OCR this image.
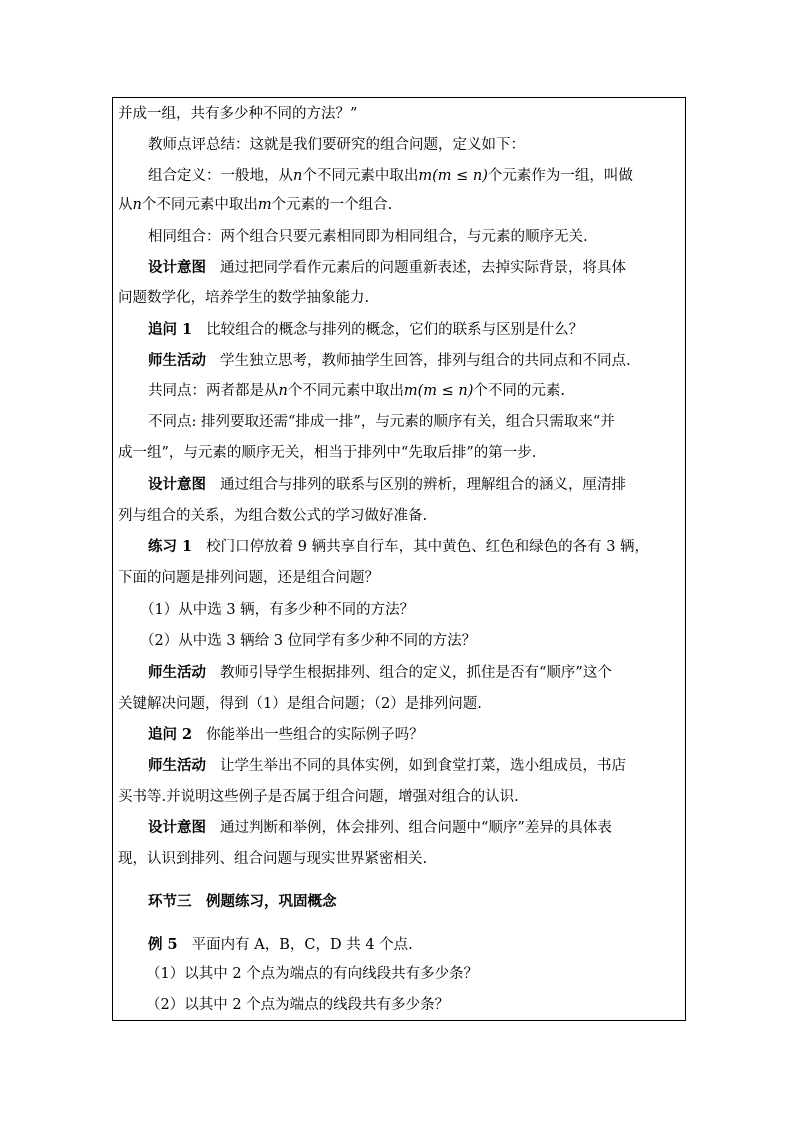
并成一组，共有多少种不同的方法？”
教师点评总结：这就是我们要研究的组合问题，定义如下：
组合定义：一般地，从n个不同元素中取出m(m ≤ n)个元素作为一组，叫做
从n个不同元素中取出m个元素的一个组合.
相同组合：两个组合只要元素相同即为相同组合，与元素的顺序无关.
设计意图 通过把同学看作元素后的问题重新表述，去掉实际背景，将具体
问题数学化，培养学生的数学抽象能力.
追问 1 比较组合的概念与排列的概念，它们的联系与区别是什么？
师生活动 学生独立思考，教师抽学生回答，排列与组合的共同点和不同点.
共同点：两者都是从n个不同元素中取出m(m ≤ n)个不同的元素.
不同点: 排列要取还需“排成一排”，与元素的顺序有关，组合只需取来“并
成一组”，与元素的顺序无关，相当于排列中“先取后排”的第一步.
设计意图 通过组合与排列的联系与区别的辨析，理解组合的涵义，厘清排
列与组合的关系，为组合数公式的学习做好准备.
练习 1 校门口停放着 9 辆共享自行车，其中黄色、红色和绿色的各有 3 辆，
下面的问题是排列问题，还是组合问题？
（1）从中选 3 辆，有多少种不同的方法？
（2）从中选 3 辆给 3 位同学有多少种不同的方法？
师生活动 教师引导学生根据排列、组合的定义，抓住是否有“顺序”这个
关键解决问题，得到（1）是组合问题；（2）是排列问题.
追问 2 你能举出一些组合的实际例子吗？
师生活动 让学生举出不同的具体实例，如到食堂打菜，选小组成员，书店
买书等.并说明这些例子是否属于组合问题，增强对组合的认识.
设计意图 通过判断和举例，体会排列、组合问题中“顺序”差异的具体表
现，认识到排列、组合问题与现实世界紧密相关.
环节三　例题练习，巩固概念
例 5 平面内有 A，B，C，D 共 4 个点.
（1）以其中 2 个点为端点的有向线段共有多少条？
（2）以其中 2 个点为端点的线段共有多少条？
